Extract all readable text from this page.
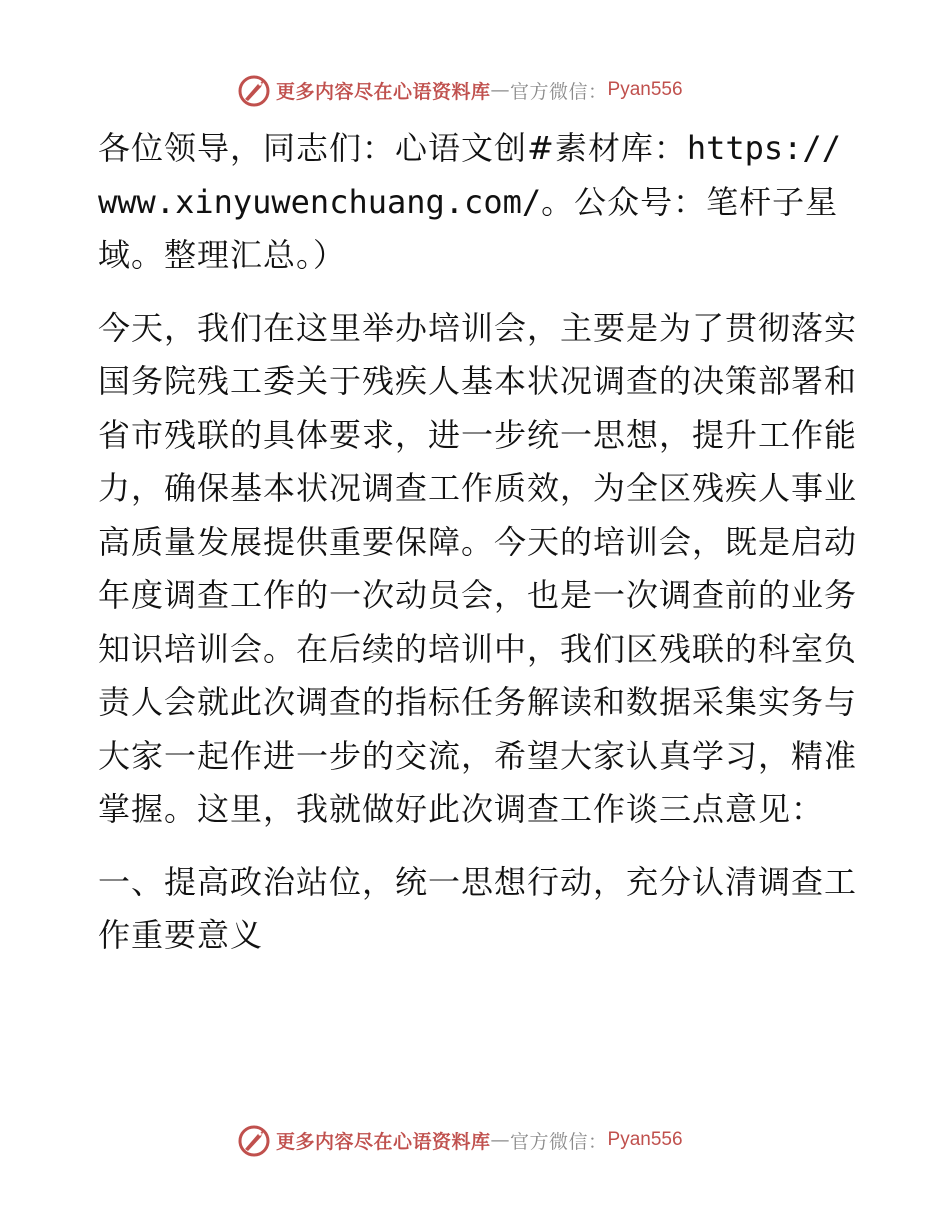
更多内容尽在心语资料库 — 官方微信： Pyan556

各位领导，同志们：心语文创#素材库：https://www.xinyuwenchuang.com/。公众号：笔杆子星域。整理汇总。）

今天，我们在这里举办培训会，主要是为了贯彻落实国务院残工委关于残疾人基本状况调查的决策部署和省市残联的具体要求，进一步统一思想，提升工作能力，确保基本状况调查工作质效，为全区残疾人事业高质量发展提供重要保障。今天的培训会，既是启动年度调查工作的一次动员会，也是一次调查前的业务知识培训会。在后续的培训中，我们区残联的科室负责人会就此次调查的指标任务解读和数据采集实务与大家一起作进一步的交流，希望大家认真学习，精准掌握。这里，我就做好此次调查工作谈三点意见：

一、提高政治站位，统一思想行动，充分认清调查工作重要意义

更多内容尽在心语资料库 — 官方微信： Pyan556
